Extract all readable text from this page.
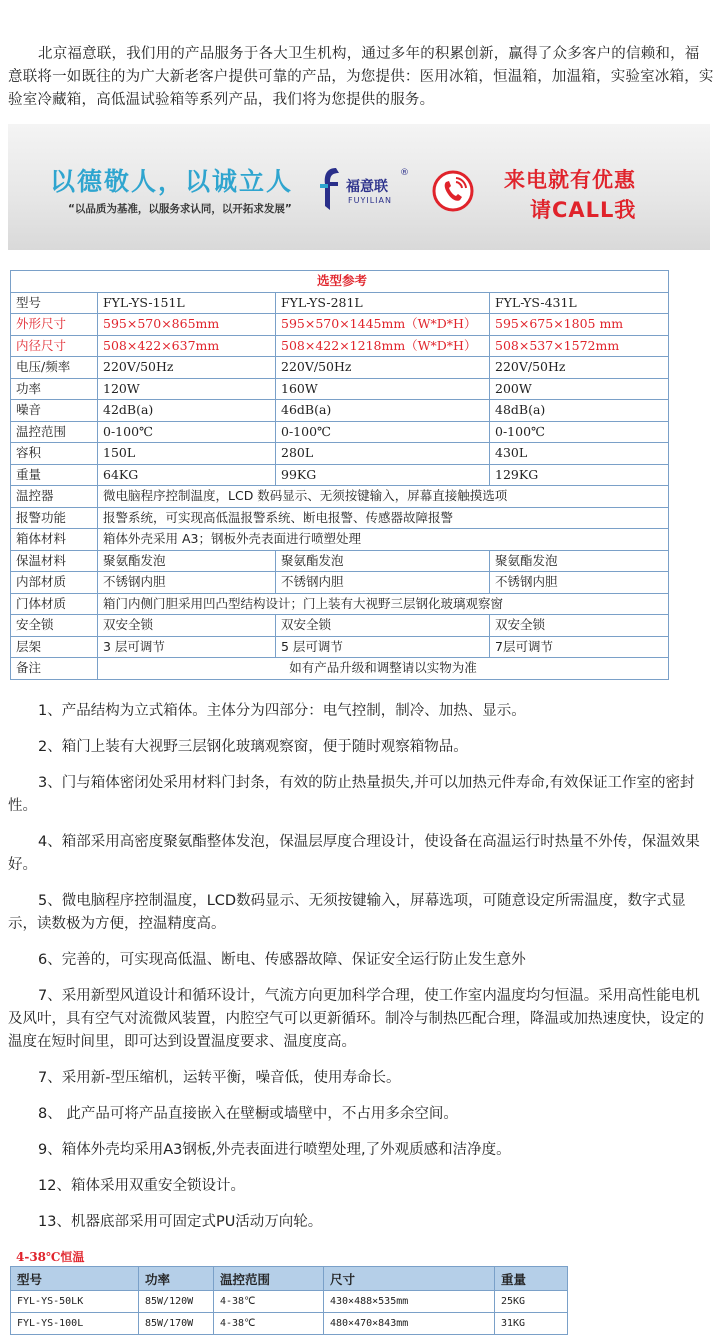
北京福意联，我们用的产品服务于各大卫生机构，通过多年的积累创新，赢得了众多客户的信赖和，福意联将一如既往的为广大新老客户提供可靠的产品，为您提供：医用冰箱，恒温箱，加温箱，实验室冰箱，实验室冷藏箱，高低温试验箱等系列产品，我们将为您提供的服务。

以德敬人，以诚立人
“以品质为基准，以服务求认同，以开拓求发展”
福意联
®
FUYILIAN
来电就有优惠
请CALL我
选型参考			
型号	FYL-YS-151L	FYL-YS-281L	FYL-YS-431L
外形尺寸	595×570×865mm	595×570×1445mm（W*D*H）	595×675×1805 mm
内径尺寸	508×422×637mm	508×422×1218mm（W*D*H）	508×537×1572mm
电压/频率	220V/50Hz	220V/50Hz	220V/50Hz
功率	120W	160W	200W
噪音	42dB(a)	46dB(a)	48dB(a)
温控范围	0-100℃	0-100℃	0-100℃
容积	150L	280L	430L
重量	64KG	99KG	129KG
温控器	微电脑程序控制温度，LCD 数码显示、无须按键输入，屏幕直接触摸选项		
报警功能	报警系统，可实现高低温报警系统、断电报警、传感器故障报警		
箱体材料	箱体外壳采用 A3；钢板外壳表面进行喷塑处理		
保温材料	聚氨酯发泡	聚氨酯发泡	聚氨酯发泡
内部材质	不锈钢内胆	不锈钢内胆	不锈钢内胆
门体材质	箱门内侧门胆采用凹凸型结构设计；门上装有大视野三层钢化玻璃观察窗		
安全锁	双安全锁	双安全锁	双安全锁
层架	3 层可调节	5 层可调节	7层可调节
备注	如有产品升级和调整请以实物为准		
1、产品结构为立式箱体。主体分为四部分：电气控制，制冷、加热、显示。
2、箱门上装有大视野三层钢化玻璃观察窗，便于随时观察箱物品。
3、门与箱体密闭处采用材料门封条，有效的防止热量损失,并可以加热元件寿命,有效保证工作室的密封性。
4、箱部采用高密度聚氨酯整体发泡，保温层厚度合理设计，使设备在高温运行时热量不外传，保温效果好。
5、微电脑程序控制温度，LCD数码显示、无须按键输入，屏幕选项，可随意设定所需温度，数字式显示，读数极为方便，控温精度高。
6、完善的，可实现高低温、断电、传感器故障、保证安全运行防止发生意外
7、采用新型风道设计和循环设计，气流方向更加科学合理，使工作室内温度均匀恒温。采用高性能电机及风叶，具有空气对流微风装置，内腔空气可以更新循环。制冷与制热匹配合理，降温或加热速度快，设定的温度在短时间里，即可达到设置温度要求、温度度高。
7、采用新-型压缩机，运转平衡，噪音低，使用寿命长。
8、 此产品可将产品直接嵌入在壁橱或墙壁中，不占用多余空间。
9、箱体外壳均采用A3钢板,外壳表面进行喷塑处理,了外观质感和洁净度。
12、箱体采用双重安全锁设计。
13、机器底部采用可固定式PU活动万向轮。
4-38℃恒温
型号	功率	温控范围	尺寸	重量
FYL-YS-50LK	85W/120W	4-38℃	430×488×535mm	25KG
FYL-YS-100L	85W/170W	4-38℃	480×470×843mm	31KG
